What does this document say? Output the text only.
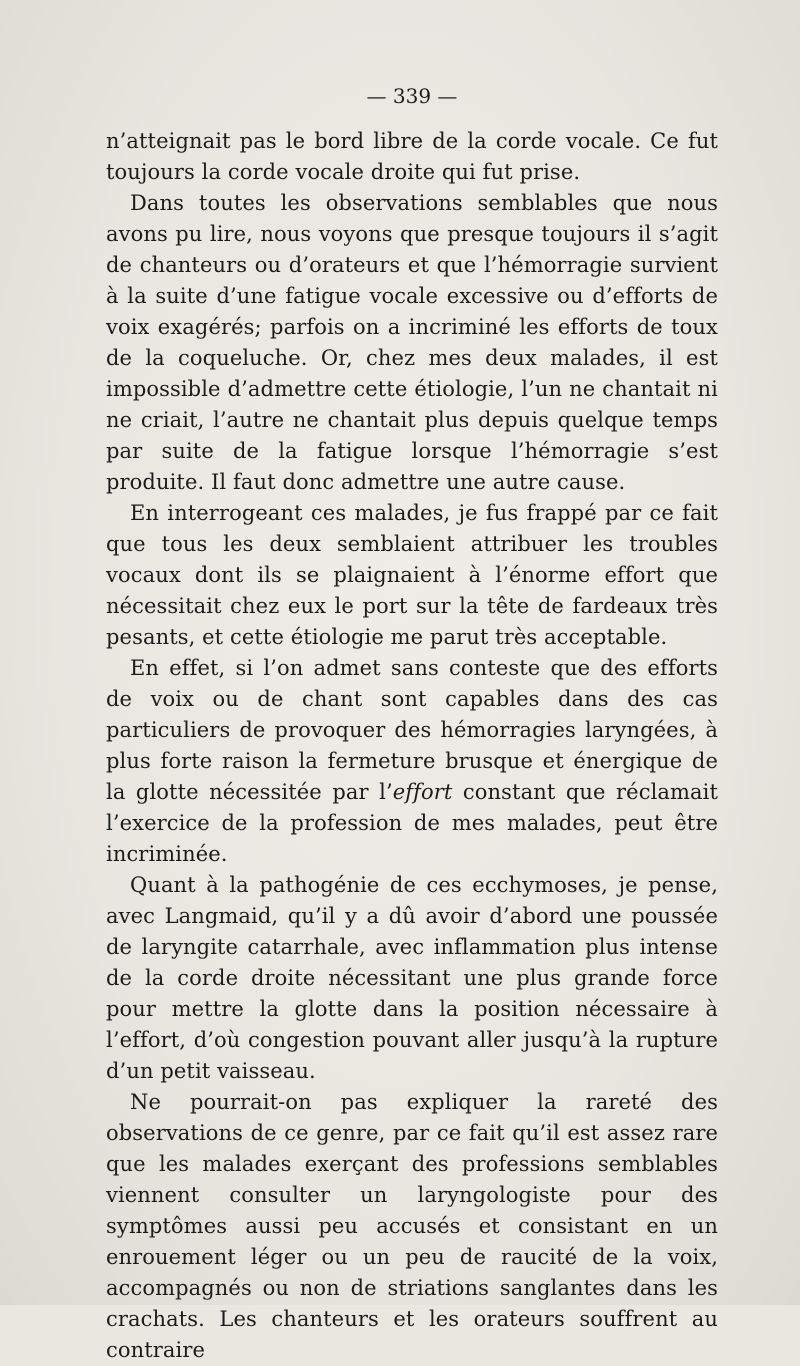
— 339 —

n’atteignait pas le bord libre de la corde vocale. Ce fut toujours la corde vocale droite qui fut prise.

Dans toutes les observations semblables que nous avons pu lire, nous voyons que presque toujours il s’agit de chanteurs ou d’orateurs et que l’hémorragie survient à la suite d’une fatigue vocale excessive ou d’efforts de voix exagérés; parfois on a incriminé les efforts de toux de la coqueluche. Or, chez mes deux malades, il est impossible d’admettre cette étiologie, l’un ne chantait ni ne criait, l’autre ne chantait plus depuis quelque temps par suite de la fatigue lorsque l’hémorragie s’est produite. Il faut donc admettre une autre cause.

En interrogeant ces malades, je fus frappé par ce fait que tous les deux semblaient attribuer les troubles vocaux dont ils se plaignaient à l’énorme effort que nécessitait chez eux le port sur la tête de fardeaux très pesants, et cette étiologie me parut très acceptable.

En effet, si l’on admet sans conteste que des efforts de voix ou de chant sont capables dans des cas particuliers de provoquer des hémorragies laryngées, à plus forte raison la fermeture brusque et énergique de la glotte nécessitée par l’effort constant que réclamait l’exercice de la profession de mes malades, peut être incriminée.

Quant à la pathogénie de ces ecchymoses, je pense, avec Langmaid, qu’il y a dû avoir d’abord une poussée de laryngite catarrhale, avec inflammation plus intense de la corde droite nécessitant une plus grande force pour mettre la glotte dans la position nécessaire à l’effort, d’où congestion pouvant aller jusqu’à la rupture d’un petit vaisseau.

Ne pourrait-on pas expliquer la rareté des observations de ce genre, par ce fait qu’il est assez rare que les malades exerçant des professions semblables viennent consulter un laryngologiste pour des symptômes aussi peu accusés et consistant en un enrouement léger ou un peu de raucité de la voix, accompagnés ou non de striations sanglantes dans les crachats. Les chanteurs et les orateurs souffrent au contraire
